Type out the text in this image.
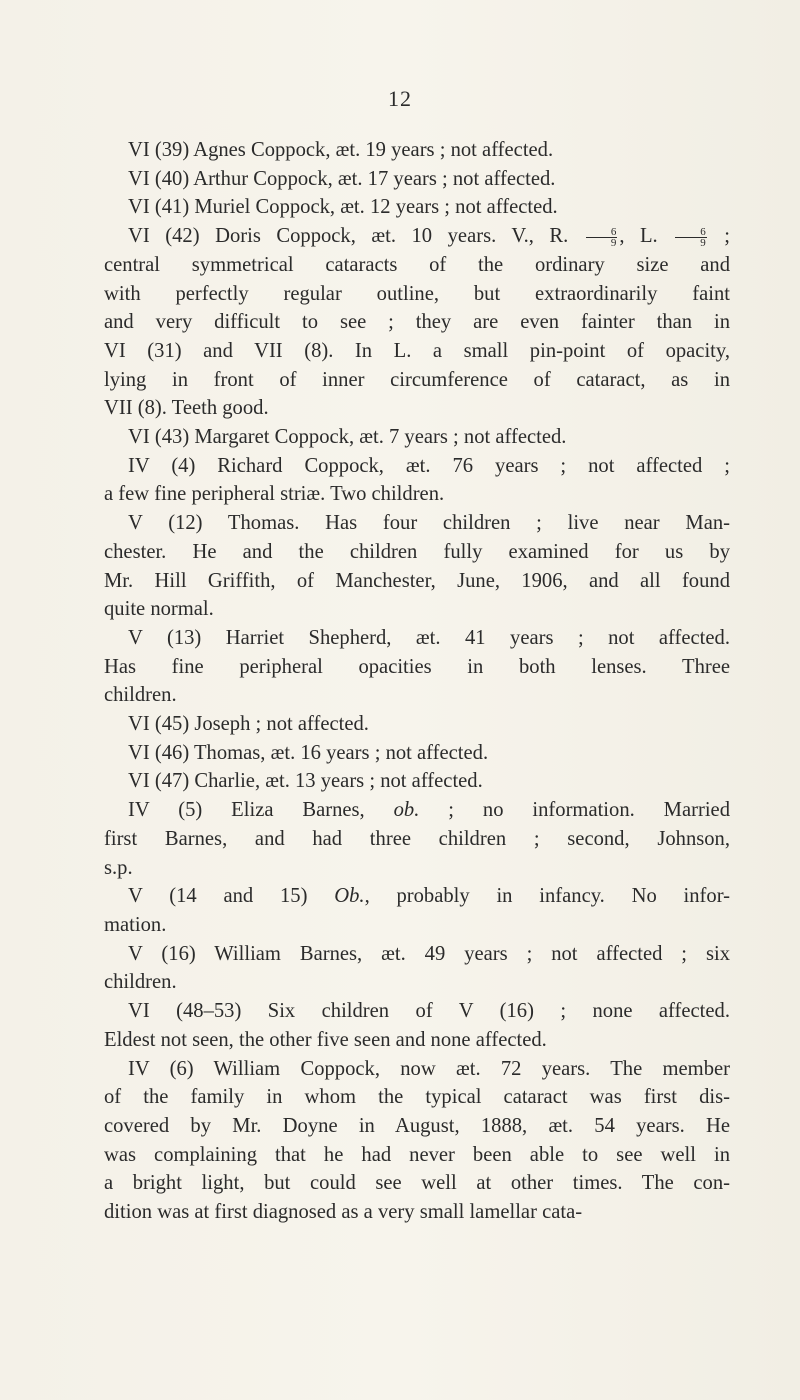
12
VI (39) Agnes Coppock, æt. 19 years ; not affected.
VI (40) Arthur Coppock, æt. 17 years ; not affected.
VI (41) Muriel Coppock, æt. 12 years ; not affected.
VI (42) Doris Coppock, æt. 10 years. V., R. $\frac{6}{9}$ , L. $\frac{6}{9}$ ;
central symmetrical cataracts of the ordinary size and
with perfectly regular outline, but extraordinarily faint
and very difficult to see ; they are even fainter than in
VI (31) and VII (8). In L. a small pin-point of opacity,
lying in front of inner circumference of cataract, as in
VII (8). Teeth good.
VI (43) Margaret Coppock, æt. 7 years ; not affected.
IV (4) Richard Coppock, æt. 76 years ; not affected ;
a few fine peripheral striæ. Two children.
V (12) Thomas. Has four children ; live near Man-
chester. He and the children fully examined for us by
Mr. Hill Griffith, of Manchester, June, 1906, and all found
quite normal.
V (13) Harriet Shepherd, æt. 41 years ; not affected.
Has fine peripheral opacities in both lenses. Three
children.
VI (45) Joseph ; not affected.
VI (46) Thomas, æt. 16 years ; not affected.
VI (47) Charlie, æt. 13 years ; not affected.
IV (5) Eliza Barnes, ob. ; no information. Married
first Barnes, and had three children ; second, Johnson,
s.p.
V (14 and 15) Ob., probably in infancy. No infor-
mation.
V (16) William Barnes, æt. 49 years ; not affected ; six
children.
VI (48–53) Six children of V (16) ; none affected.
Eldest not seen, the other five seen and none affected.
IV (6) William Coppock, now æt. 72 years. The member
of the family in whom the typical cataract was first dis-
covered by Mr. Doyne in August, 1888, æt. 54 years. He
was complaining that he had never been able to see well in
a bright light, but could see well at other times. The con-
dition was at first diagnosed as a very small lamellar cata-
